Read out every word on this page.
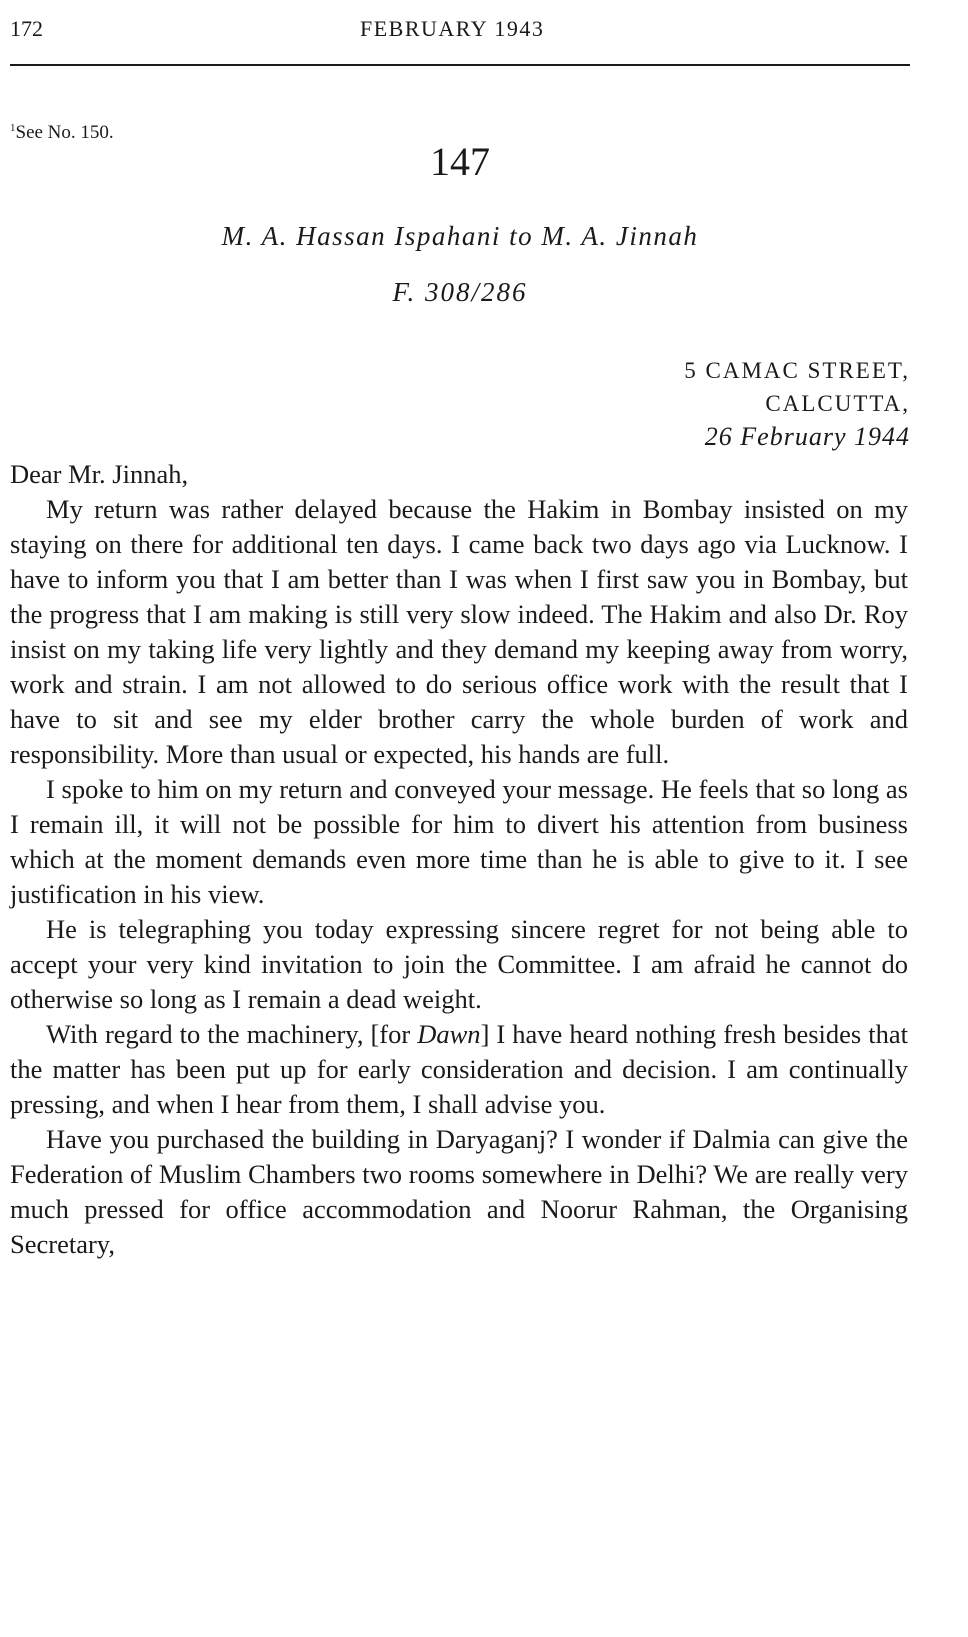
172	FEBRUARY 1943
$^1$See No. 150.
147
M. A. Hassan Ispahani to M. A. Jinnah
F. 308/286
5 CAMAC STREET,
CALCUTTA,
26 February 1944
Dear Mr. Jinnah,

My return was rather delayed because the Hakim in Bombay insisted on my staying on there for additional ten days. I came back two days ago via Lucknow. I have to inform you that I am better than I was when I first saw you in Bombay, but the progress that I am making is still very slow indeed. The Hakim and also Dr. Roy insist on my taking life very lightly and they demand my keeping away from worry, work and strain. I am not allowed to do serious office work with the result that I have to sit and see my elder brother carry the whole burden of work and responsibility. More than usual or expected, his hands are full.

I spoke to him on my return and conveyed your message. He feels that so long as I remain ill, it will not be possible for him to divert his attention from business which at the moment demands even more time than he is able to give to it. I see justification in his view.

He is telegraphing you today expressing sincere regret for not being able to accept your very kind invitation to join the Committee. I am afraid he cannot do otherwise so long as I remain a dead weight.

With regard to the machinery, [for Dawn] I have heard nothing fresh besides that the matter has been put up for early consideration and decision. I am continually pressing, and when I hear from them, I shall advise you.

Have you purchased the building in Daryaganj? I wonder if Dalmia can give the Federation of Muslim Chambers two rooms somewhere in Delhi? We are really very much pressed for office accommodation and Noorur Rahman, the Organising Secretary,
